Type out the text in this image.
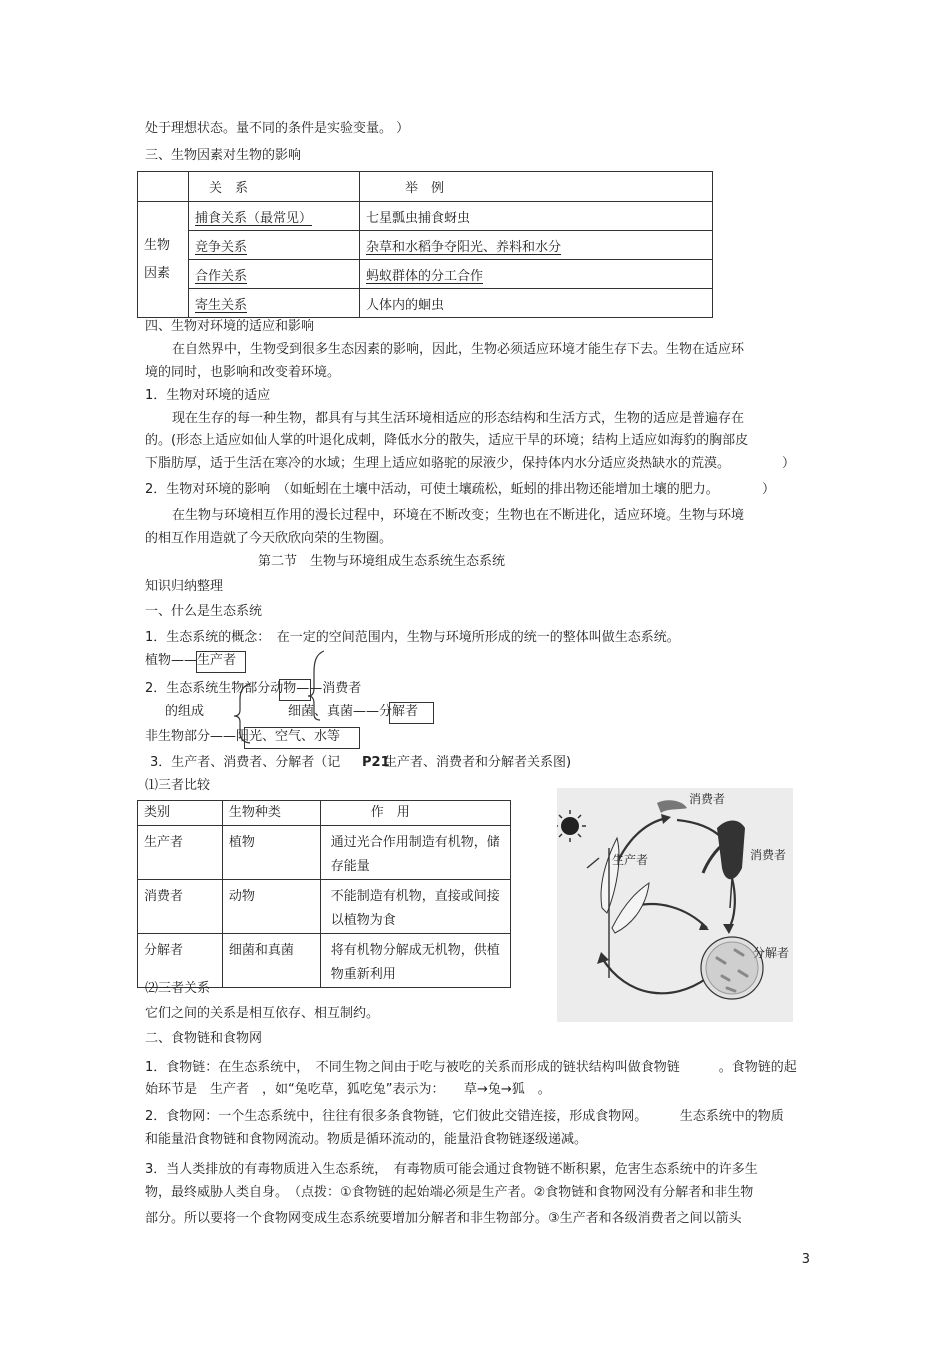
处于理想状态。量不同的条件是实验变量。 ）
三、生物因素对生物的影响
	关　系	举　例
生物
因素	捕食关系（最常见）	七星瓢虫捕食蚜虫
	竞争关系	杂草和水稻争夺阳光、养料和水分
	合作关系	蚂蚁群体的分工合作
	寄生关系	人体内的蛔虫
四、生物对环境的适应和影响
在自然界中，生物受到很多生态因素的影响，因此，生物必须适应环境才能生存下去。生物在适应环
境的同时，也影响和改变着环境。
1．生物对环境的适应
现在生存的每一种生物，都具有与其生活环境相适应的形态结构和生活方式，生物的适应是普遍存在
的。(形态上适应如仙人掌的叶退化成刺，降低水分的散失，适应干旱的环境；结构上适应如海豹的胸部皮
下脂肪厚，适于生活在寒冷的水域；生理上适应如骆驼的尿液少，保持体内水分适应炎热缺水的荒漠。	）
2．生物对环境的影响　（如蚯蚓在土壤中活动，可使土壤疏松，蚯蚓的排出物还能增加土壤的肥力。	）
在生物与环境相互作用的漫长过程中，环境在不断改变；生物也在不断进化，适应环境。生物与环境
的相互作用造就了今天欣欣向荣的生物圈。
第二节　生物与环境组成生态系统生态系统
知识归纳整理
一、什么是生态系统
1．生态系统的概念：　在一定的空间范围内，生物与环境所形成的统一的整体叫做生态系统。
植物——生产者
2．生态系统生物部分动物——消费者
的组成	细菌、真菌——分解者
非生物部分——阳光、空气、水等
3．生产者、消费者、分解者（记 P21
生产者、消费者和分解者关系图)
⑴三者比较
类别	生物种类	作　用
生产者	植物	通过光合作用制造有机物，储存能量
消费者	动物	不能制造有机物，直接或间接以植物为食
分解者	细菌和真菌	将有机物分解成无机物，供植物重新利用
消费者
消费者
生产者
分解者
⑵三者关系
它们之间的关系是相互依存、相互制约。
二、食物链和食物网
1．食物链：在生态系统中，　不同生物之间由于吃与被吃的关系而形成的链状结构叫做食物链　　　。食物链的起
始环节是　生产者　，如“兔吃草，狐吃兔”表示为：　　草→兔→狐　。
2．食物网：一个生态系统中，往往有很多条食物链，它们彼此交错连接，形成食物网。　　　生态系统中的物质
和能量沿食物链和食物网流动。物质是循环流动的，能量沿食物链逐级递减。
3．当人类排放的有毒物质进入生态系统，　有毒物质可能会通过食物链不断积累，危害生态系统中的许多生
物，最终威胁人类自身。　（点拨：①食物链的起始端必须是生产者。②食物链和食物网没有分解者和非生物
部分。所以要将一个食物网变成生态系统要增加分解者和非生物部分。③生产者和各级消费者之间以箭头
3
